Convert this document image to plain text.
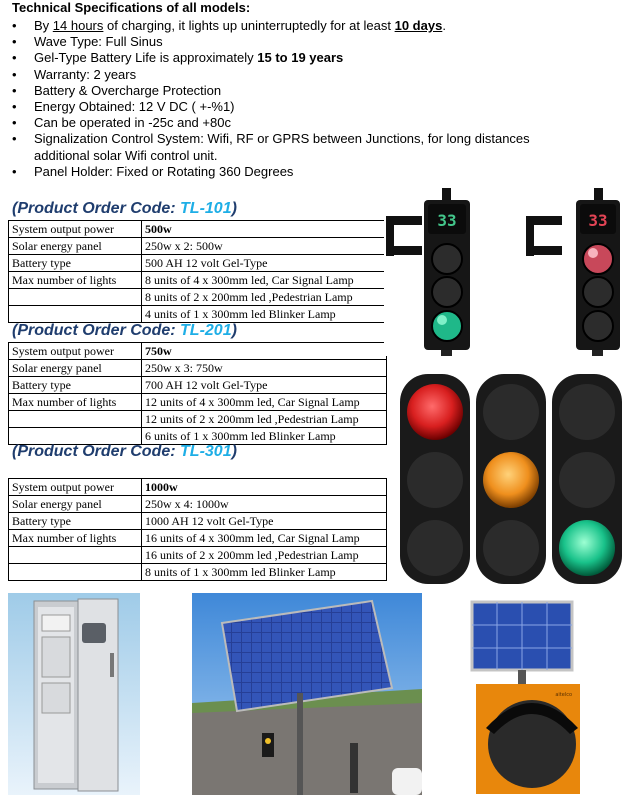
Technical Specifications of all models:
• By 14 hours of charging, it lights up uninterruptedly for at least 10 days.
• Wave Type: Full Sinus
• Gel-Type Battery Life is approximately 15 to 19 years
• Warranty: 2 years
• Battery & Overcharge Protection
• Energy Obtained: 12 V DC ( +-%1)
• Can be operated in -25c and +80c
• Signalization Control System: Wifi, RF or GPRS between Junctions, for long distances additional solar Wifi control unit.
• Panel Holder: Fixed or Rotating 360 Degrees
(Product Order Code: TL-101)
System output power	500w
Solar energy panel	250w x 2: 500w
Battery type	500 AH 12 volt Gel-Type
Max number of lights	8 units of 4 x 300mm led, Car Signal Lamp
	8 units of 2 x 200mm led ,Pedestrian Lamp
	4 units of 1 x 300mm led Blinker Lamp
(Product Order Code: TL-201)
System output power	750w
Solar energy panel	250w x 3: 750w
Battery type	700 AH 12 volt Gel-Type
Max number of lights	12 units of 4 x 300mm led, Car Signal Lamp
	12 units of 2 x 200mm led ,Pedestrian Lamp
	6 units of 1 x 300mm led Blinker Lamp
(Product Order Code: TL-301)
System output power	1000w
Solar energy panel	250w x 4: 1000w
Battery type	1000 AH 12 volt Gel-Type
Max number of lights	16 units of 4 x 300mm led, Car Signal Lamp
	16 units of 2 x 200mm led ,Pedestrian Lamp
	8 units of 1 x 300mm led Blinker Lamp
33	33
aitelco
